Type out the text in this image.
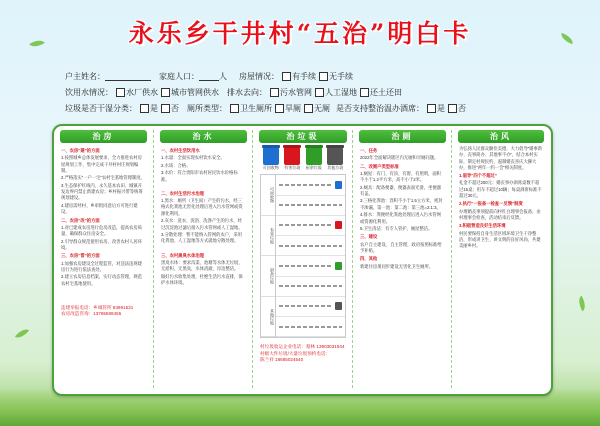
永乐乡干井村“五治”明白卡
户主姓名：	家庭人口：	人 房屋情况： 有手续 无手续
饮用水情况： 水厂供水 城市管网供水 排水去向： 污水管网 人工湿地 还土还田
垃圾是否干湿分类： 是 否 厕所类型： 卫生厕所 旱厕 无厕 是否支持整治温办酒席： 是 否
治房
一、农房“建”的方面
1.按照城乡总体发展要求，全力推进农村房屋规划工作，集中完成干井村村庄规划编制。
2.严格落实“一户一宅”农村宅基地管理制度。
3.生态保护红线内、永久基本农田、城镇开发边界内禁止新建农房；乡村振兴带等统筹规划建设。
4.建房需经村、乡审批同意后方可进行建设。
二、农房“改”的方面
1.对已建成农房进行危房改造，提高农房质量，确保群众住房安全。
2.引导群众规范使用农房，改善农村人居环境。
三、农房“管”的方面
1.加强农房建设全过程监管，对违法违规建房行为进行依法查处。
2.建立农房信息档案，实行动态管理，规范农村宅基地使用。
违建举报电话：乡城管所 83991531
农房改造咨询：13765589455
治水
一、农村生活饮用水
1.水量：全面实现农村饮水安全。
2.水质：合格。
3.水价：符合贵阳市农村居民饮水价格标准。
二、农村生活污水治理
1.黑水：厕所（卫生间）产生的污水，经三格式化粪池无害化处理后进入污水管网或资源化利用。
2.灰水：洗衣、洗浴、洗涤产生的污水，经过沉淀池过滤后接入污水管网或人工湿地。
3.分散处理：暂不能纳入管网的农户，采用化粪池、人工湿地等方式就地分散处理。
三、农村黑臭水体治理
黑臭水体：要求沟渠、池塘等水体无垃圾、无淤积、无黑臭，水体清澈，岸边整洁。
做好污水收集处理，杜绝生活污水直排，保护水体环境。
治垃圾
可回收物	有害垃圾	厨余垃圾	其他垃圾
可回收物
有害垃圾
厨余垃圾
其他垃圾
村垃圾收运企业电话：蔡林 13903031944
村级大件垃圾/大量垃圾预约电话：
陈兰祥 18685024540
治厕
一、任务
2022年全面解决辖区内无厕和旱厕问题。
二、改厕户类型标准
1.厕屋：有门、有顶、有窗、有照明，面积不小于1.2平方米，高不小于2米。
2.厕具：配备便器，便器表面光滑，坐便器有盖。
3.三格化粪池：容积不小于1.5立方米，密封不渗漏，第一池：第二池：第三池=2:1:3。
4.排水：粪便经化粪池处理后进入污水管网或资源化利用。
5.卫生清洁：有专人管护，厕屋整洁。
三、建设
农户自主建设、自主管理，政府按照标准给予补贴。
四、其他
新建住房须同步建设无害化卫生厕所。
治风
为弘扬人民群众勤俭美德，大力倡导“婚事新办、丧事简办、其他事不办”，结合本村实际，制定村规民约，遏制婚丧喜庆大操大办，推进“两年一约一会”相关制度。
1.倡导“四个不超过”
礼金不超过200元；婚丧事办酒席桌数不超过15桌；用车不超过10辆；每桌酒席标准不超过30元。
2.执行“一报备一检查一反馈”制度
办理婚丧事须提前向村红白理事会报备，由村理事会检查，活动结束后反馈。
3.积极营造良好生活环境
村民要保持自身生活区域环境卫生干净整洁，形成讲卫生、讲文明的良好风尚，共建美丽乡村。
